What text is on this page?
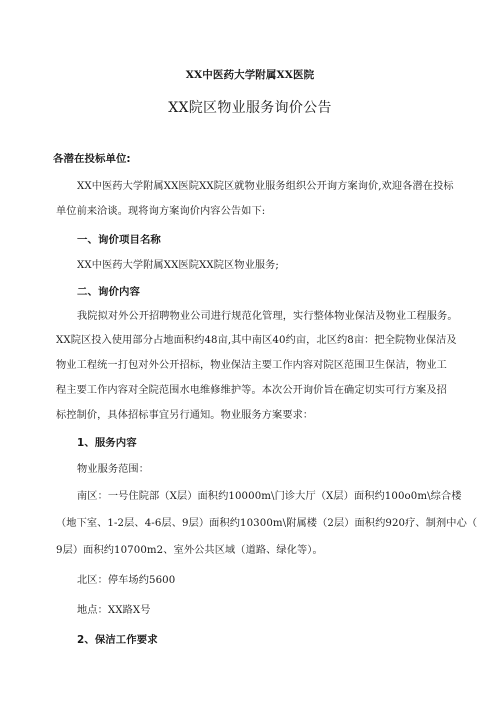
XX中医药大学附属XX医院
XX院区物业服务询价公告
各潜在投标单位:
XX中医药大学附属XX医院XX院区就物业服务组织公开询方案询价,欢迎各潜在投标
单位前来洽谈。现将询方案询价内容公告如下:
一、询价项目名称
XX中医药大学附属XX医院XX院区物业服务;
二、询价内容
我院拟对外公开招聘物业公司进行规范化管理，实行整体物业保洁及物业工程服务。
XX院区投入使用部分占地面积约48亩,其中南区40约亩，北区约8亩：把全院物业保洁及
物业工程统一打包对外公开招标，物业保洁主要工作内容对院区范围卫生保洁，物业工
程主要工作内容对全院范围水电维修维护等。本次公开询价旨在确定切实可行方案及招
标控制价，具体招标事宜另行通知。物业服务方案要求：
1、服务内容
物业服务范围：
南区：一号住院部（X层）面积约10000m\门诊大厅（X层）面积约100o0m\综合楼
（地下室、1-2层、4-6层、9层）面积约10300m\附属楼（2层）面积约920疗、制剂中心（
9层）面积约10700m2、室外公共区域（道路、绿化等）。
北区：停车场约5600
地点：XX路X号
2、保洁工作要求
